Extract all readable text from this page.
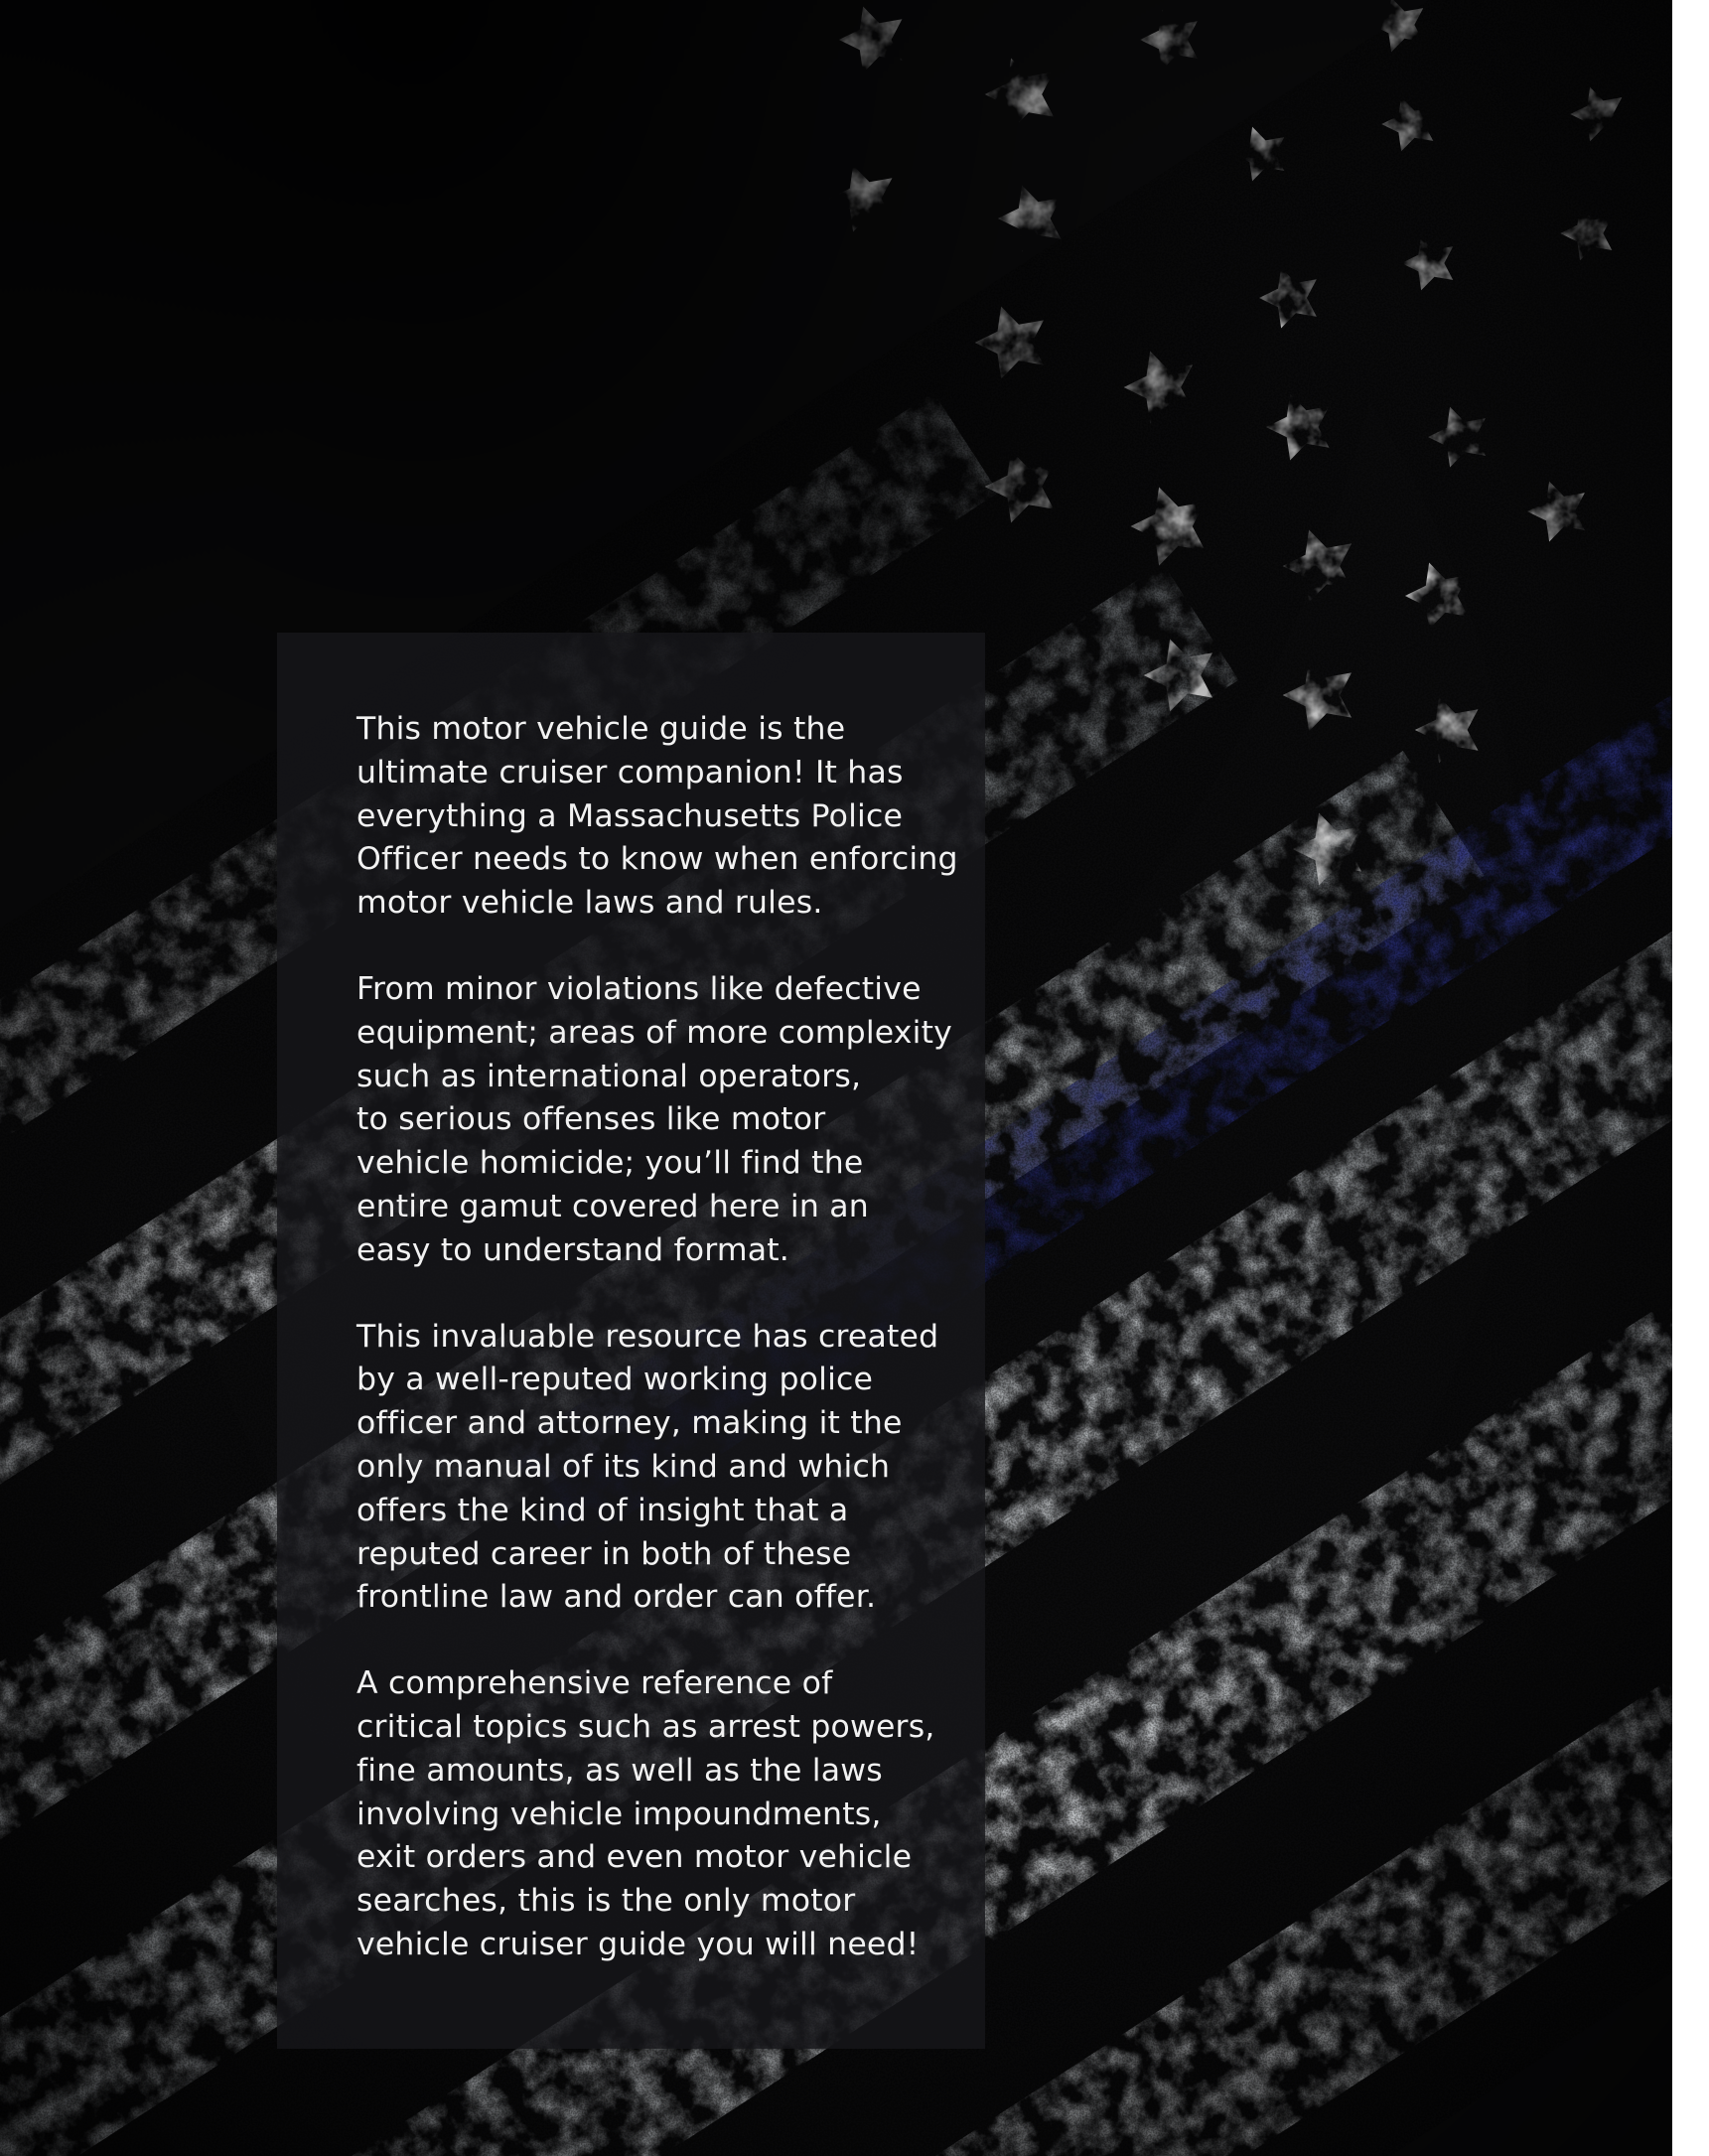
This motor vehicle guide is the
ultimate cruiser companion! It has
everything a Massachusetts Police
Officer needs to know when enforcing
motor vehicle laws and rules.

From minor violations like defective
equipment; areas of more complexity
such as international operators,
to serious offenses like motor
vehicle homicide; you’ll find the
entire gamut covered here in an
easy to understand format.

This invaluable resource has created
by a well-reputed working police
officer and attorney, making it the
only manual of its kind and which
offers the kind of insight that a
reputed career in both of these
frontline law and order can offer.

A comprehensive reference of
critical topics such as arrest powers,
fine amounts, as well as the laws
involving vehicle impoundments,
exit orders and even motor vehicle
searches, this is the only motor
vehicle cruiser guide you will need!
